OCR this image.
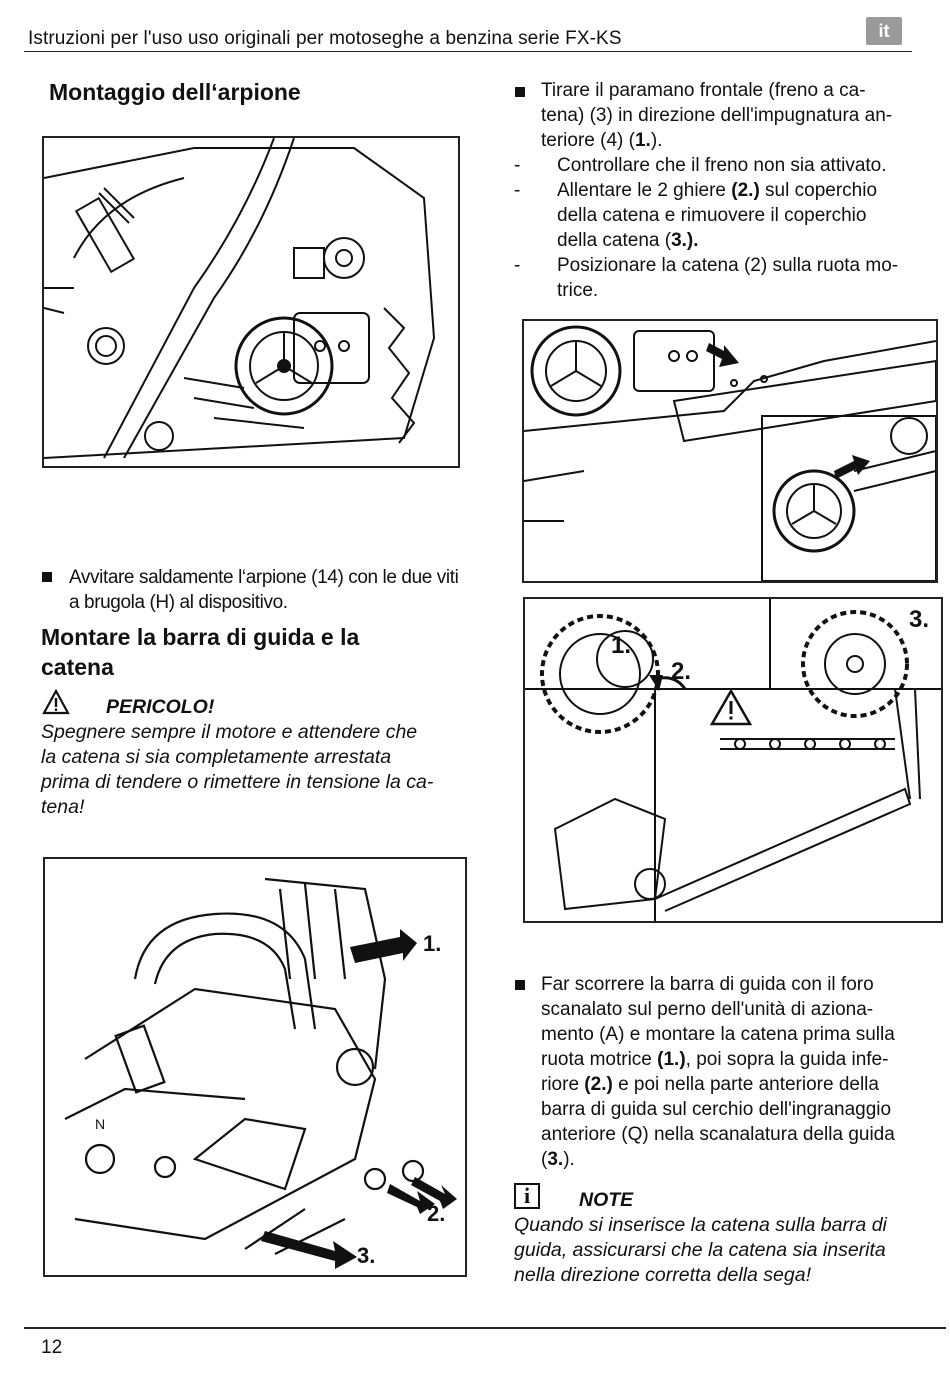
Istruzioni per l'uso uso originali per motoseghe a benzina serie FX-KS	it
Montaggio dell‘arpione
Avvitare saldamente l‘arpione (14) con le due viti a brugola (H) al dispositivo.
Montare la barra di guida e la
catena
PERICOLO!
Spegnere sempre il motore e attendere che
la catena si sia completamente arrestata
prima di tendere o rimettere in tensione la ca-
tena!
N
1.
2.
3.
Tirare il paramano frontale (freno a ca-
tena) (3) in direzione dell'impugnatura an-
teriore (4) (1.).
- Controllare che il freno non sia attivato.
- Allentare le 2 ghiere (2.) sul coperchio
della catena e rimuovere il coperchio
della catena (3.).
- Posizionare la catena (2) sulla ruota mo-
trice.
1.
2.
3.
Far scorrere la barra di guida con il foro
scanalato sul perno dell'unità di aziona-
mento (A) e montare la catena prima sulla
ruota motrice (1.), poi sopra la guida infe-
riore (2.) e poi nella parte anteriore della
barra di guida sul cerchio dell'ingranaggio
anteriore (Q) nella scanalatura della guida
(3.).
i	NOTE
Quando si inserisce la catena sulla barra di
guida, assicurarsi che la catena sia inserita
nella direzione corretta della sega!
12
